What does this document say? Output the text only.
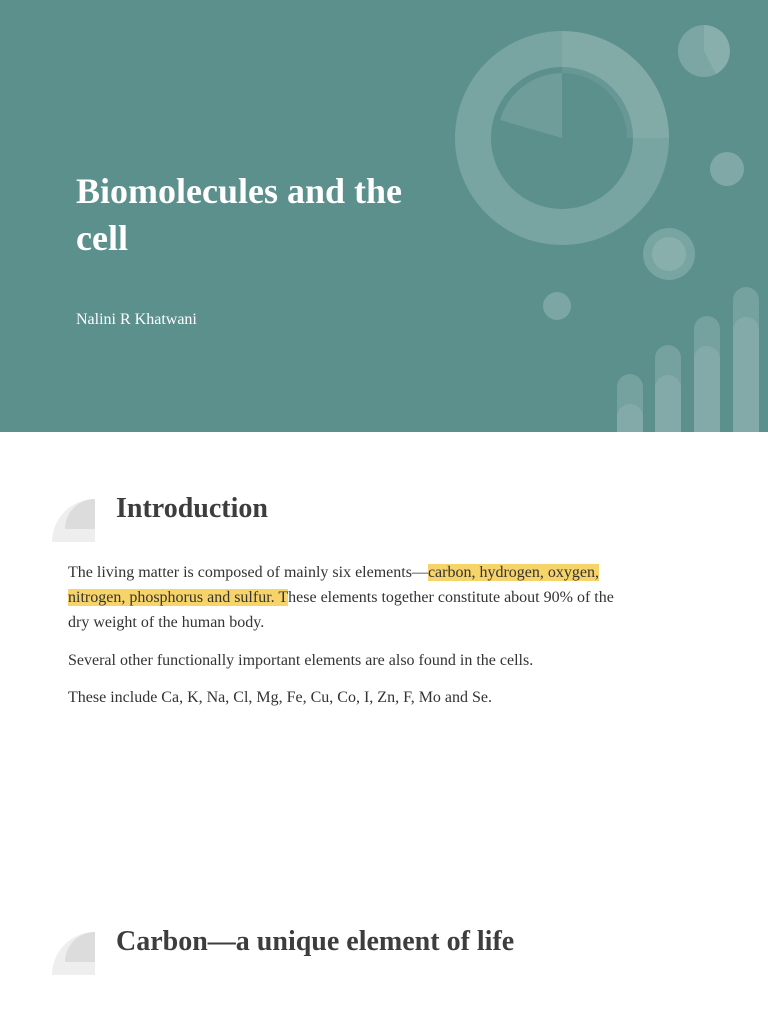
Biomolecules and the cell
Nalini R Khatwani
Introduction

The living matter is composed of mainly six elements—carbon, hydrogen, oxygen, nitrogen, phosphorus and sulfur. These elements together constitute about 90% of the dry weight of the human body.

Several other functionally important elements are also found in the cells.

These include Ca, K, Na, Cl, Mg, Fe, Cu, Co, I, Zn, F, Mo and Se.

Carbon—a unique element of life
